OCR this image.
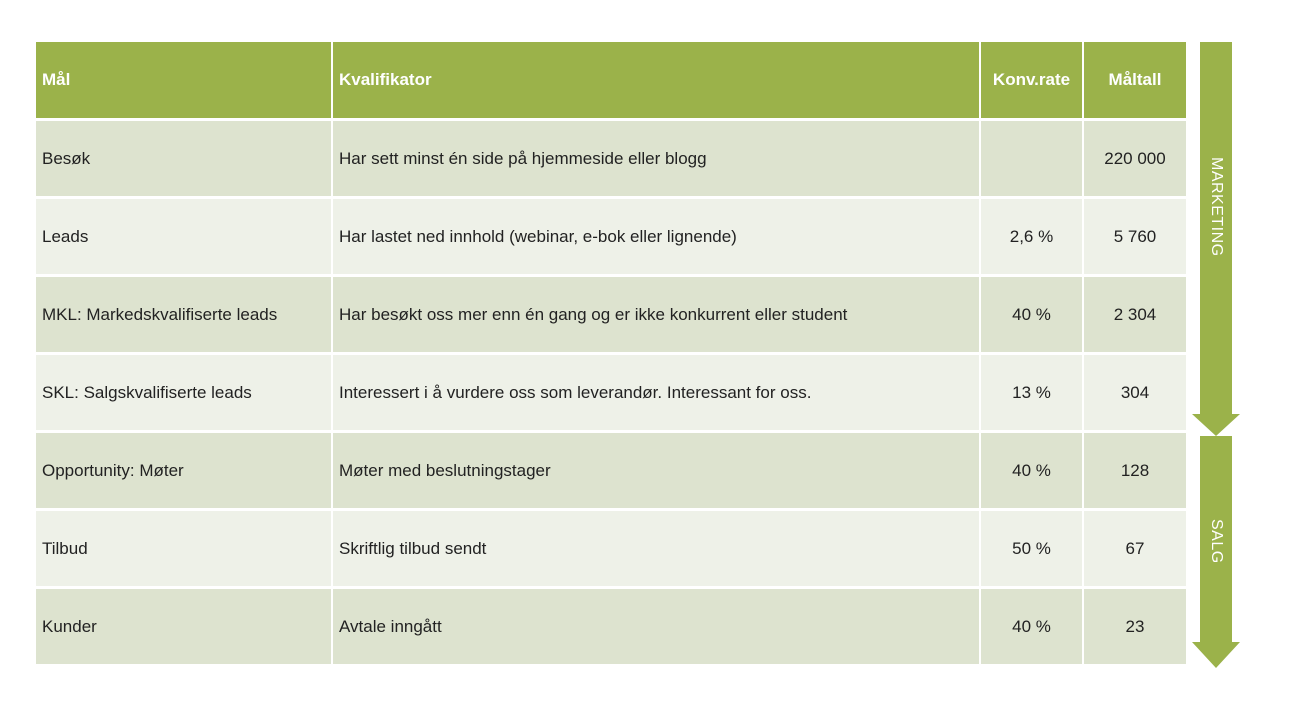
Mål	Kvalifikator	Konv.rate	Måltall
Besøk	Har sett minst én side på hjemmeside eller blogg		220 000
Leads	Har lastet ned innhold (webinar, e-bok eller lignende)	2,6 %	5 760
MKL: Markedskvalifiserte leads	Har besøkt oss mer enn én gang og er ikke konkurrent eller student	40 %	2 304
SKL: Salgskvalifiserte leads	Interessert i å vurdere oss som leverandør. Interessant for oss.	13 %	304
Opportunity: Møter	Møter med beslutningstager	40 %	128
Tilbud	Skriftlig tilbud sendt	50 %	67
Kunder	Avtale inngått	40 %	23
MARKETING
SALG
